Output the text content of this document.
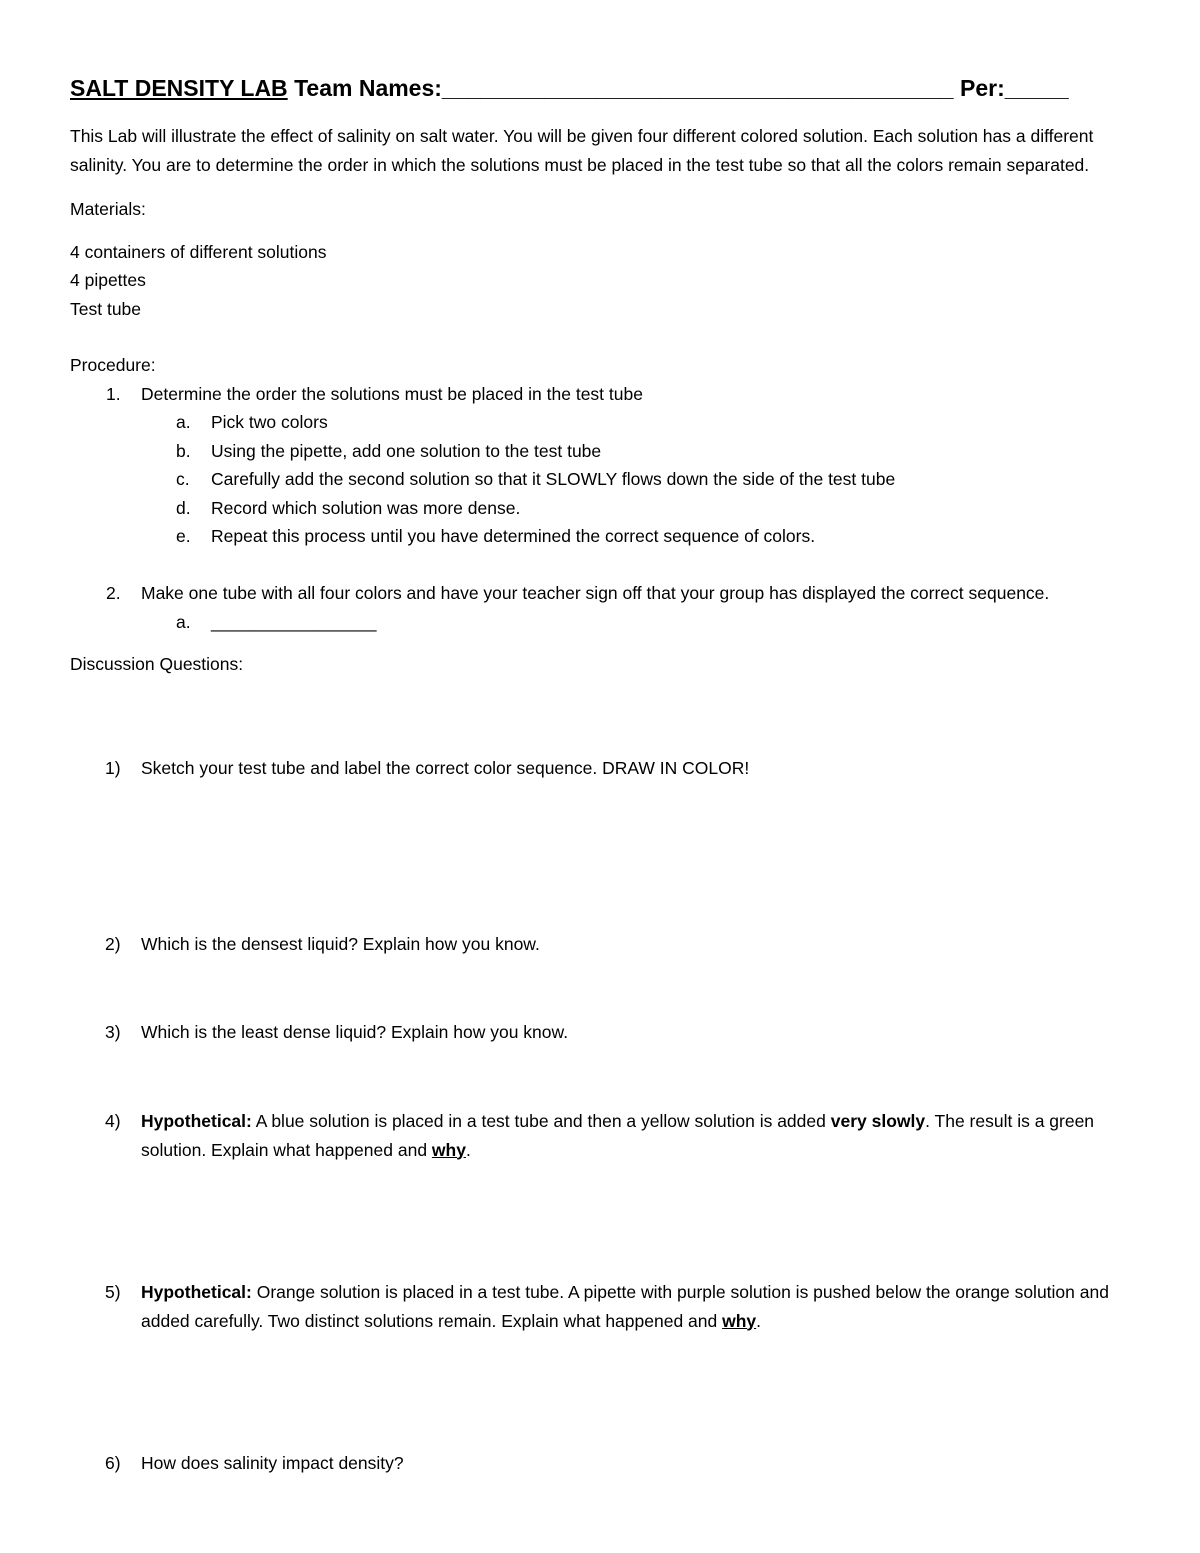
SALT DENSITY LAB Team Names:________________________________________ Per:_____
This Lab will illustrate the effect of salinity on salt water. You will be given four different colored solution. Each solution has a different salinity. You are to determine the order in which the solutions must be placed in the test tube so that all the colors remain separated.
Materials:
4 containers of different solutions
4 pipettes
Test tube
Procedure:
1. Determine the order the solutions must be placed in the test tube
a. Pick two colors
b. Using the pipette, add one solution to the test tube
c. Carefully add the second solution so that it SLOWLY flows down the side of the test tube
d. Record which solution was more dense.
e. Repeat this process until you have determined the correct sequence of colors.
2. Make one tube with all four colors and have your teacher sign off that your group has displayed the correct sequence.
a. _________________
Discussion Questions:
1)	Sketch your test tube and label the correct color sequence. DRAW IN COLOR!
2)	Which is the densest liquid? Explain how you know.
3)	Which is the least dense liquid? Explain how you know.
4)	Hypothetical: A blue solution is placed in a test tube and then a yellow solution is added very slowly. The result is a green solution. Explain what happened and why.
5)	Hypothetical: Orange solution is placed in a test tube. A pipette with purple solution is pushed below the orange solution and added carefully. Two distinct solutions remain. Explain what happened and why.
6)	How does salinity impact density?
